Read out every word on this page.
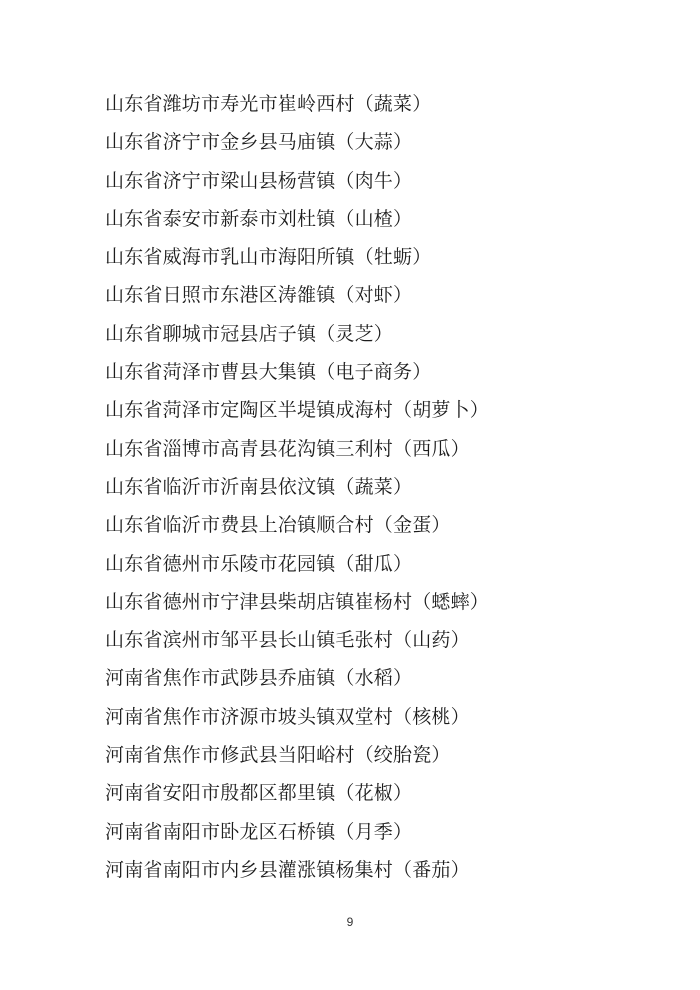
山东省潍坊市寿光市崔岭西村（蔬菜）
山东省济宁市金乡县马庙镇（大蒜）
山东省济宁市梁山县杨营镇（肉牛）
山东省泰安市新泰市刘杜镇（山楂）
山东省威海市乳山市海阳所镇（牡蛎）
山东省日照市东港区涛雒镇（对虾）
山东省聊城市冠县店子镇（灵芝）
山东省菏泽市曹县大集镇（电子商务）
山东省菏泽市定陶区半堤镇成海村（胡萝卜）
山东省淄博市高青县花沟镇三利村（西瓜）
山东省临沂市沂南县依汶镇（蔬菜）
山东省临沂市费县上冶镇顺合村（金蛋）
山东省德州市乐陵市花园镇（甜瓜）
山东省德州市宁津县柴胡店镇崔杨村（蟋蟀）
山东省滨州市邹平县长山镇毛张村（山药）
河南省焦作市武陟县乔庙镇（水稻）
河南省焦作市济源市坡头镇双堂村（核桃）
河南省焦作市修武县当阳峪村（绞胎瓷）
河南省安阳市殷都区都里镇（花椒）
河南省南阳市卧龙区石桥镇（月季）
河南省南阳市内乡县灌涨镇杨集村（番茄）
9
